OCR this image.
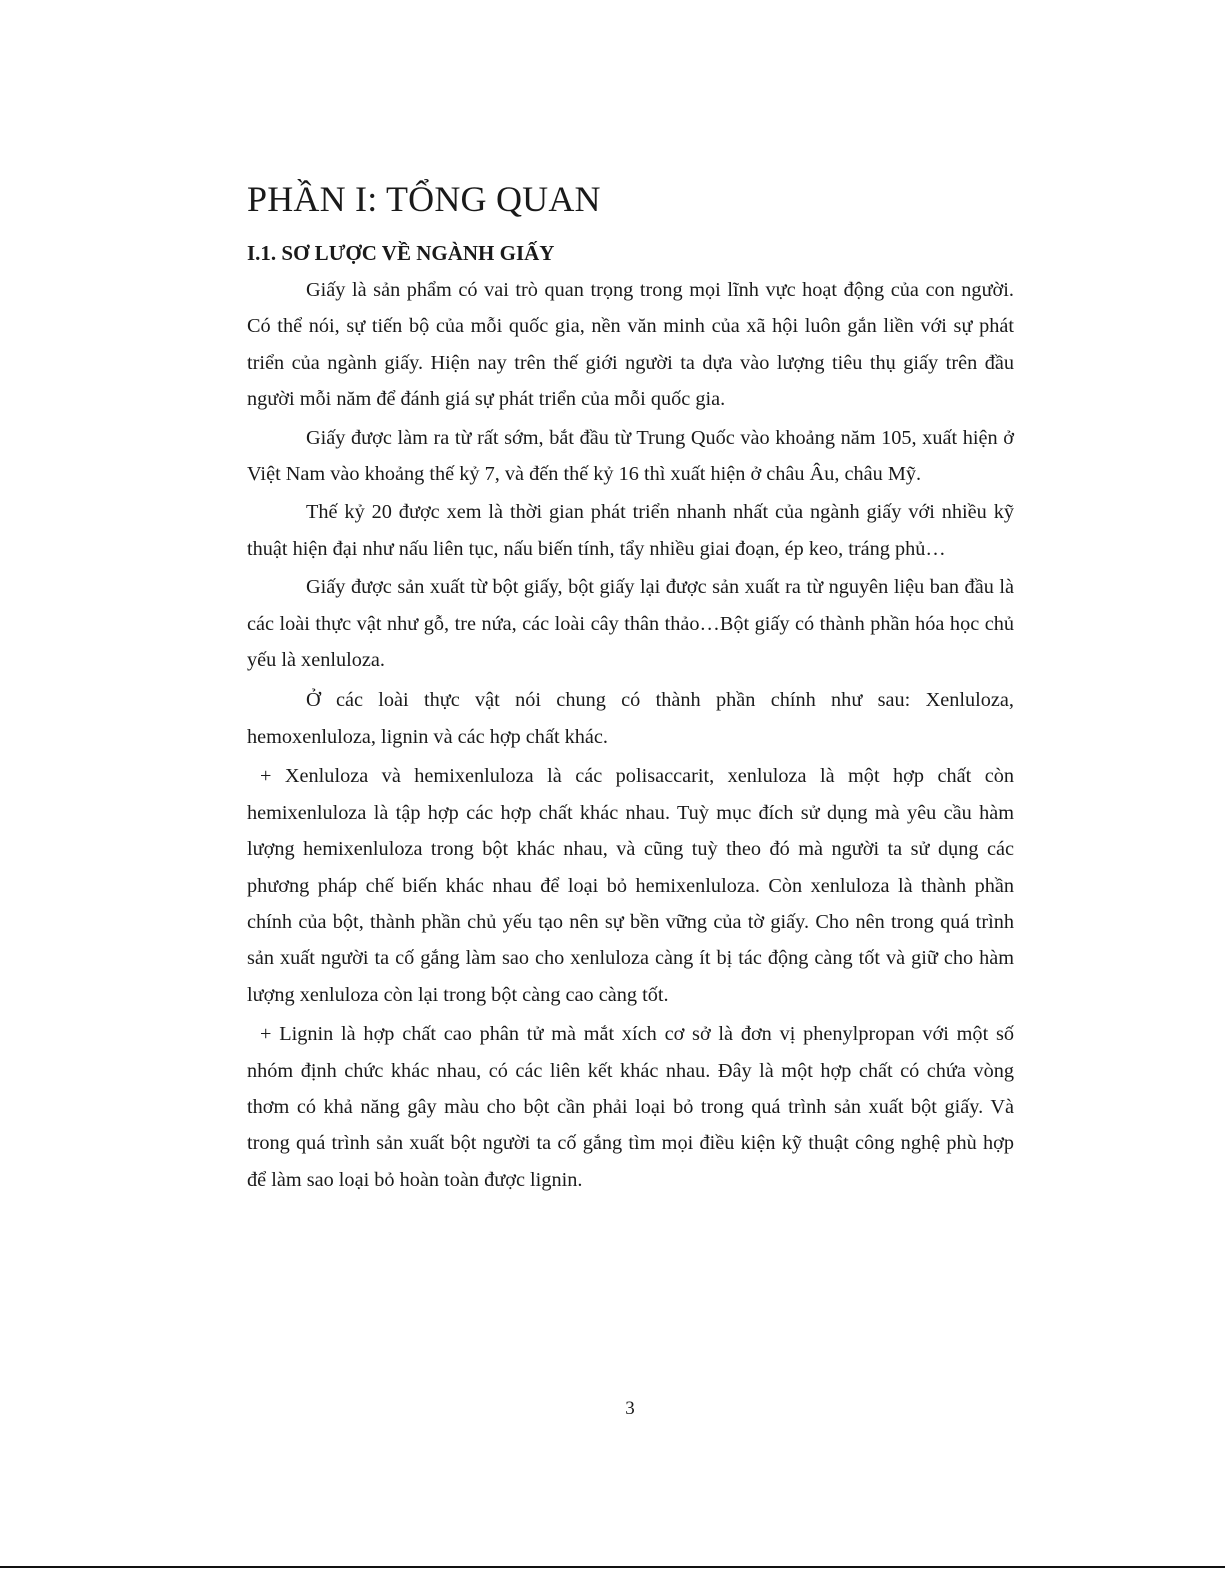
PHẦN I: TỔNG QUAN
I.1. SƠ LƯỢC VỀ NGÀNH GIẤY

Giấy là sản phẩm có vai trò quan trọng trong mọi lĩnh vực hoạt động của con người. Có thể nói, sự tiến bộ của mỗi quốc gia, nền văn minh của xã hội luôn gắn liền với sự phát triển của ngành giấy. Hiện nay trên thế giới người ta dựa vào lượng tiêu thụ giấy trên đầu người mỗi năm để đánh giá sự phát triển của mỗi quốc gia.

Giấy được làm ra từ rất sớm, bắt đầu từ Trung Quốc vào khoảng năm 105, xuất hiện ở Việt Nam vào khoảng thế kỷ 7, và đến thế kỷ 16 thì xuất hiện ở châu Âu, châu Mỹ.

Thế kỷ 20 được xem là thời gian phát triển nhanh nhất của ngành giấy với nhiều kỹ thuật hiện đại như nấu liên tục, nấu biến tính, tẩy nhiều giai đoạn, ép keo, tráng phủ…

Giấy được sản xuất từ bột giấy, bột giấy lại được sản xuất ra từ nguyên liệu ban đầu là các loài thực vật như gỗ, tre nứa, các loài cây thân thảo…Bột giấy có thành phần hóa học chủ yếu là xenluloza.

Ở các loài thực vật nói chung có thành phần chính như sau: Xenluloza, hemoxenluloza, lignin và các hợp chất khác.

+ Xenluloza và hemixenluloza là các polisaccarit, xenluloza là một hợp chất còn hemixenluloza là tập hợp các hợp chất khác nhau. Tuỳ mục đích sử dụng mà yêu cầu hàm lượng hemixenluloza trong bột khác nhau, và cũng tuỳ theo đó mà người ta sử dụng các phương pháp chế biến khác nhau để loại bỏ hemixenluloza. Còn xenluloza là thành phần chính của bột, thành phần chủ yếu tạo nên sự bền vững của tờ giấy. Cho nên trong quá trình sản xuất người ta cố gắng làm sao cho xenluloza càng ít bị tác động càng tốt và giữ cho hàm lượng xenluloza còn lại trong bột càng cao càng tốt.

+ Lignin là hợp chất cao phân tử mà mắt xích cơ sở là đơn vị phenylpropan với một số nhóm định chức khác nhau, có các liên kết khác nhau. Đây là một hợp chất có chứa vòng thơm có khả năng gây màu cho bột cần phải loại bỏ trong quá trình sản xuất bột giấy. Và trong quá trình sản xuất bột người ta cố gắng tìm mọi điều kiện kỹ thuật công nghệ phù hợp để làm sao loại bỏ hoàn toàn được lignin.

3
